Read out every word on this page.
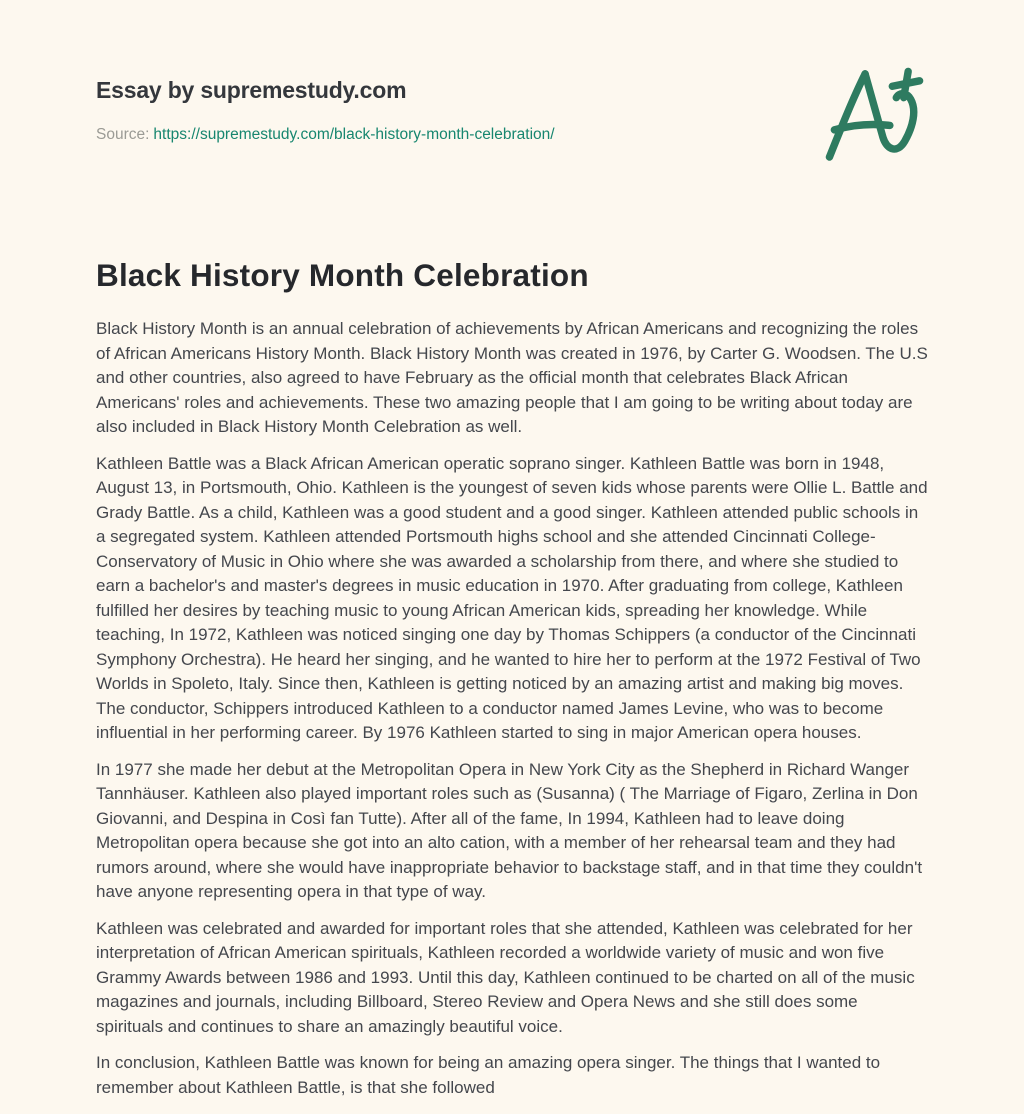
Essay by supremestudy.com
Source: https://supremestudy.com/black-history-month-celebration/
Black History Month Celebration

Black History Month is an annual celebration of achievements by African Americans and recognizing the roles of African Americans History Month. Black History Month was created in 1976, by Carter G. Woodsen. The U.S and other countries, also agreed to have February as the official month that celebrates Black African Americans' roles and achievements. These two amazing people that I am going to be writing about today are also included in Black History Month Celebration as well.

Kathleen Battle was a Black African American operatic soprano singer. Kathleen Battle was born in 1948, August 13, in Portsmouth, Ohio. Kathleen is the youngest of seven kids whose parents were Ollie L. Battle and Grady Battle. As a child, Kathleen was a good student and a good singer. Kathleen attended public schools in a segregated system. Kathleen attended Portsmouth highs school and she attended Cincinnati College-Conservatory of Music in Ohio where she was awarded a scholarship from there, and where she studied to earn a bachelor's and master's degrees in music education in 1970. After graduating from college, Kathleen fulfilled her desires by teaching music to young African American kids, spreading her knowledge. While teaching, In 1972, Kathleen was noticed singing one day by Thomas Schippers (a conductor of the Cincinnati Symphony Orchestra). He heard her singing, and he wanted to hire her to perform at the 1972 Festival of Two Worlds in Spoleto, Italy. Since then, Kathleen is getting noticed by an amazing artist and making big moves. The conductor, Schippers introduced Kathleen to a conductor named James Levine, who was to become influential in her performing career. By 1976 Kathleen started to sing in major American opera houses.

In 1977 she made her debut at the Metropolitan Opera in New York City as the Shepherd in Richard Wanger Tannhäuser. Kathleen also played important roles such as (Susanna) ( The Marriage of Figaro, Zerlina in Don Giovanni, and Despina in Così fan Tutte). After all of the fame, In 1994, Kathleen had to leave doing Metropolitan opera because she got into an alto cation, with a member of her rehearsal team and they had rumors around, where she would have inappropriate behavior to backstage staff, and in that time they couldn't have anyone representing opera in that type of way.

Kathleen was celebrated and awarded for important roles that she attended, Kathleen was celebrated for her interpretation of African American spirituals, Kathleen recorded a worldwide variety of music and won five Grammy Awards between 1986 and 1993. Until this day, Kathleen continued to be charted on all of the music magazines and journals, including Billboard, Stereo Review and Opera News and she still does some spirituals and continues to share an amazingly beautiful voice.

In conclusion, Kathleen Battle was known for being an amazing opera singer. The things that I wanted to remember about Kathleen Battle, is that she followed
